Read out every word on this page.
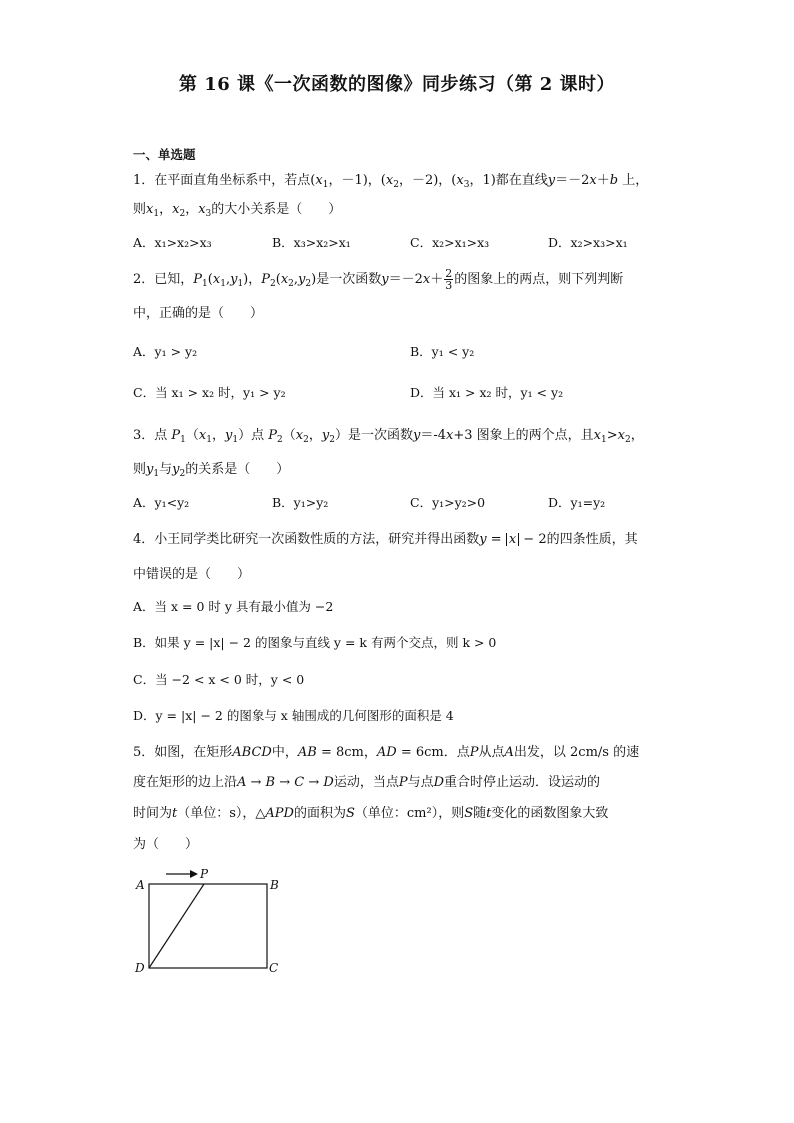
第 16 课《一次函数的图像》同步练习（第 2 课时）
一、单选题
1．在平面直角坐标系中，若点($x_1$，－1)，($x_2$，－2)，($x_3$，1)都在直线y＝－2x＋b 上，
则$x_1$，$x_2$，$x_3$的大小关系是（　　）
A．x₁>x₂>x₃	B．x₃>x₂>x₁	C．x₂>x₁>x₃	D．x₂>x₃>x₁
2．已知，$P_1(x_1,y_1)$，$P_2(x_2,y_2)$是一次函数$y=-2x+ \frac{2}{3}$ 的图象上的两点，则下列判断
中，正确的是（　　）
A．y₁ > y₂	B．y₁ < y₂
C．当 x₁ > x₂ 时，y₁ > y₂	D．当 x₁ > x₂ 时，y₁ < y₂
3．点 $P_1(x_1$，$y_1$）点 $P_2(x_2$，$y_2$）是一次函数y＝-4x+3 图象上的两个点，且$x_1>x_2$，
则$y_1$与$y_2$的关系是（　　）
A．y₁<y₂	B．y₁>y₂	C．y₁>y₂>0	D．y₁=y₂
4．小王同学类比研究一次函数性质的方法，研究并得出函数y = x − 2的四条性质，其
中错误的是（　　）
A．当 x = 0 时 y 具有最小值为 −2
B．如果 y = |x| − 2 的图象与直线 y = k 有两个交点，则 k > 0
C．当 −2 < x < 0 时，y < 0
D．y = |x| − 2 的图象与 x 轴围成的几何图形的面积是 4
5．如图，在矩形ABCD中，AB = 8cm，AD = 6cm．点P从点A出发，以 2cm/s 的速
度在矩形的边上沿A → B → C → D运动，当点P与点D重合时停止运动．设运动的
时间为t（单位：s），△APD的面积为S（单位：cm²），则S随t变化的函数图象大致
为（　　）
A	B
C
D
P
